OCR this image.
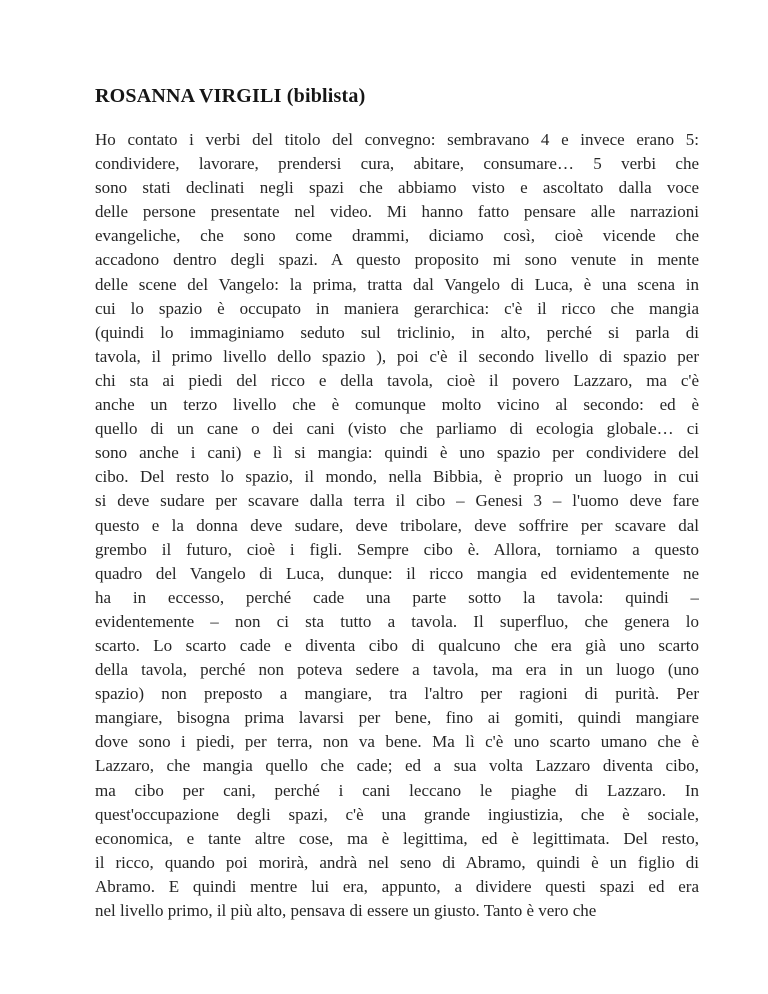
ROSANNA VIRGILI (biblista)
Ho contato i verbi del titolo del convegno: sembravano 4 e invece erano 5:
condividere, lavorare, prendersi cura, abitare, consumare… 5 verbi che
sono stati declinati negli spazi che abbiamo visto e ascoltato dalla voce
delle persone presentate nel video. Mi hanno fatto pensare alle narrazioni
evangeliche, che sono come drammi, diciamo così, cioè vicende che
accadono dentro degli spazi. A questo proposito mi sono venute in mente
delle scene del Vangelo: la prima, tratta dal Vangelo di Luca, è una scena in
cui lo spazio è occupato in maniera gerarchica: c'è il ricco che mangia
(quindi lo immaginiamo seduto sul triclinio, in alto, perché si parla di
tavola, il primo livello dello spazio ), poi c'è il secondo livello di spazio per
chi sta ai piedi del ricco e della tavola, cioè il povero Lazzaro, ma c'è
anche un terzo livello che è comunque molto vicino al secondo: ed è
quello di un cane o dei cani (visto che parliamo di ecologia globale… ci
sono anche i cani) e lì si mangia: quindi è uno spazio per condividere del
cibo. Del resto lo spazio, il mondo, nella Bibbia, è proprio un luogo in cui
si deve sudare per scavare dalla terra il cibo – Genesi 3 – l'uomo deve fare
questo e la donna deve sudare, deve tribolare, deve soffrire per scavare dal
grembo il futuro, cioè i figli. Sempre cibo è. Allora, torniamo a questo
quadro del Vangelo di Luca, dunque: il ricco mangia ed evidentemente ne
ha in eccesso, perché cade una parte sotto la tavola: quindi –
evidentemente – non ci sta tutto a tavola. Il superfluo, che genera lo
scarto. Lo scarto cade e diventa cibo di qualcuno che era già uno scarto
della tavola, perché non poteva sedere a tavola, ma era in un luogo (uno
spazio) non preposto a mangiare, tra l'altro per ragioni di purità. Per
mangiare, bisogna prima lavarsi per bene, fino ai gomiti, quindi mangiare
dove sono i piedi, per terra, non va bene. Ma lì c'è uno scarto umano che è
Lazzaro, che mangia quello che cade; ed a sua volta Lazzaro diventa cibo,
ma cibo per cani, perché i cani leccano le piaghe di Lazzaro. In
quest'occupazione degli spazi, c'è una grande ingiustizia, che è sociale,
economica, e tante altre cose, ma è legittima, ed è legittimata. Del resto,
il ricco, quando poi morirà, andrà nel seno di Abramo, quindi è un figlio di
Abramo. E quindi mentre lui era, appunto, a dividere questi spazi ed era
nel livello primo, il più alto, pensava di essere un giusto. Tanto è vero che
